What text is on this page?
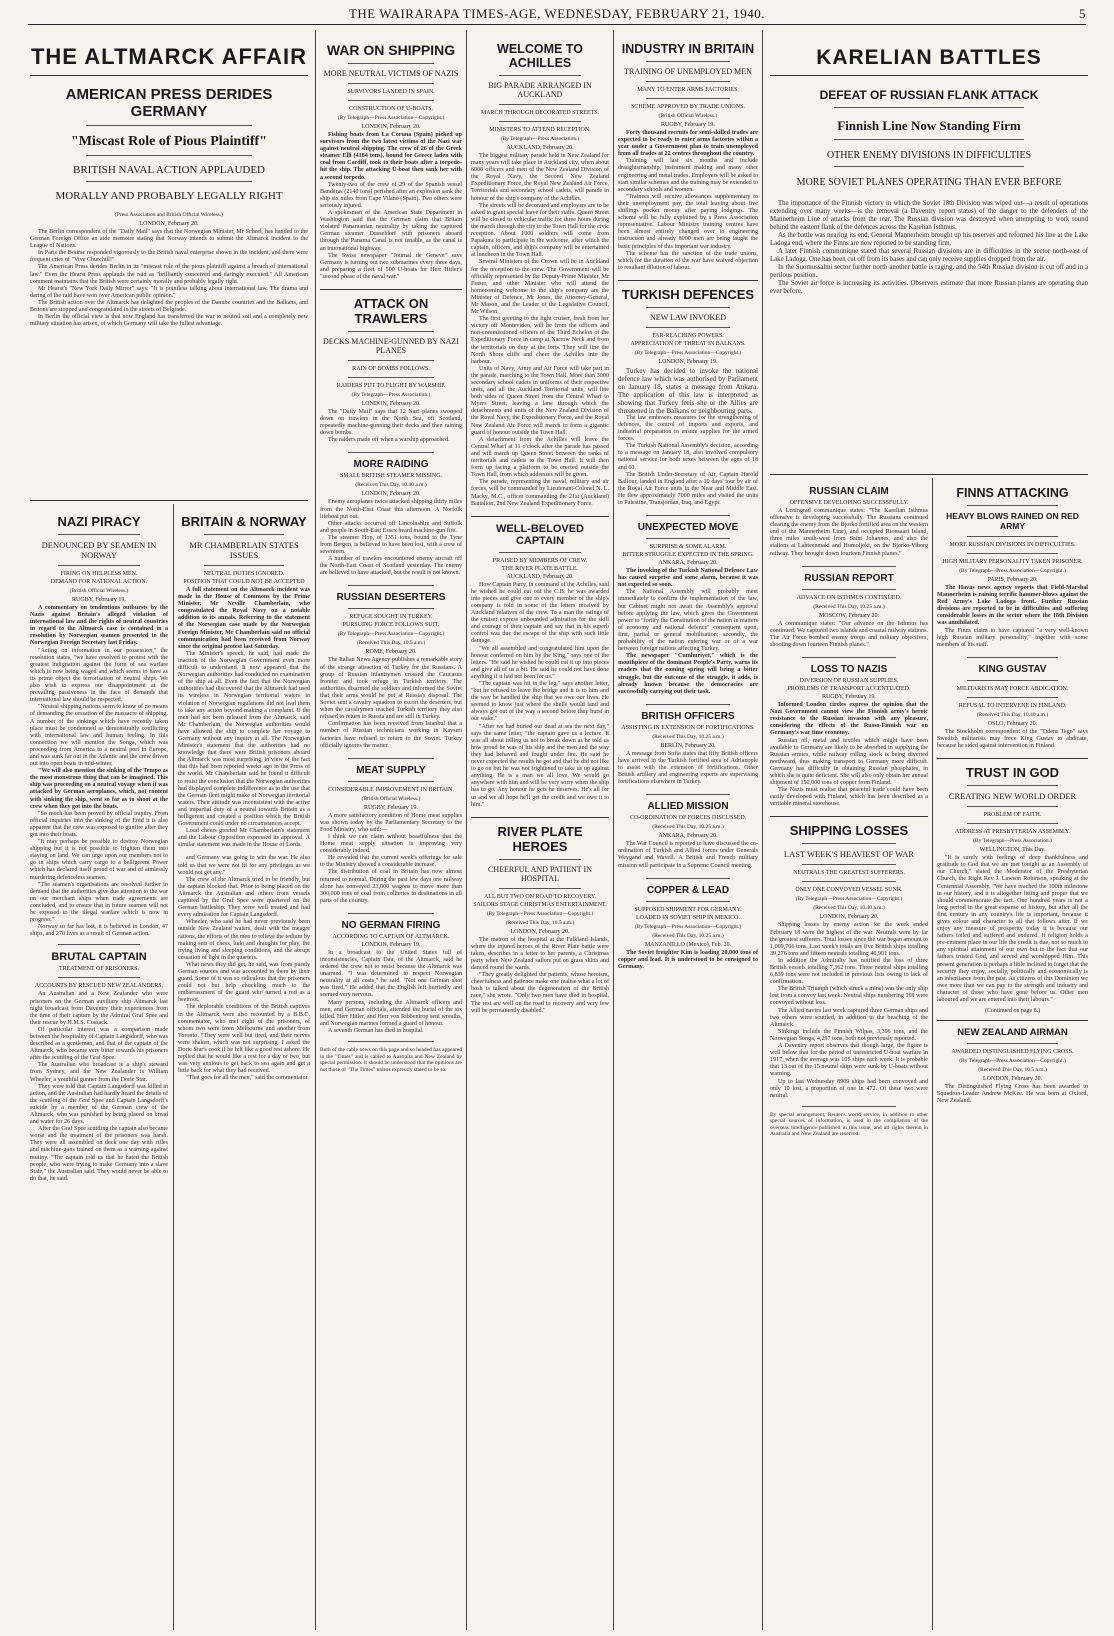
THE WAIRARAPA TIMES-AGE, WEDNESDAY, FEBRUARY 21, 1940.	5
THE ALTMARCK AFFAIR
AMERICAN PRESS DERIDES GERMANY
"Miscast Role of Pious Plaintiff"
BRITISH NAVAL ACTION APPLAUDED
MORALLY AND PROBABLY LEGALLY RIGHT
(Press Association and British Official Wireless.)
LONDON, February 20.

The Berlin correspondent of the "Daily Mail" says that the Norwegian Minister, Mr Scheel, has handed to the German Foreign Office an aide memoire stating that Norway intends to submit the Altmarck incident to the League of Nations.

In Paris the Bourse responded vigorously to the British naval enterprise shown in the incident, and there were frequent cries of "Vive Churchill!"

The American Press derides Berlin in its "miscast role of the pious plaintiff against a breach of international law." Even the Hearst Press applauds the raid as "brilliantly conceived and daringly executed." All American comment maintains that the British were certainly morally and probably legally right.

Mr Hearst's "New York Daily Mirror" says: "It is pointless talking about international law. The drama and daring of the raid have won over American public opinion."

The British action over the Altmarck has delighted the peoples of the Danube countries and the Balkans, and Britons are stopped and congratulated in the streets of Belgrade.

In Berlin the official view is that now England has transferred the war to neutral soil and a completely new military situation has arisen, of which Germany will take the fullest advantage.

NAZI PIRACY
DENOUNCED BY SEAMEN IN NORWAY
FIRING ON HELPLESS MEN.
DEMAND FOR NATIONAL ACTION.
(British Official Wireless.)
RUGBY, February 19.

A commentary on tendentious outbursts by the Nazis against Britain's alleged violation of international law and the rights of neutral countries in regard to the Altmarck case is contained in a resolution by Norwegian seamen presented to the Norwegian Foreign Secretary last Friday.

"Acting on information in our possession," the resolution states, "we have resolved to protest with the greatest indignation against the form of sea warfare which is now being waged and which seems to have as its prime object the terrorisation of neutral ships. We also wish to express our disappointment at the prevailing passiveness in the face of demands that international law should be respected.

"Neutral shipping nations seem to know of no means of demanding the cessation of the massacre of shipping. A number of the sinkings which have recently taken place must be condemned as demonstrably conflicting with international law and human feeling. In this connection we will mention the Songa, which was proceeding from America to a neutral port in Europe, and was sunk far out in the Atlantic and the crew driven out into open boats in mid-winter.

"We will also mention the sinking of the Tempo as the most monstrous thing that can be imagined. This ship was proceeding on a neutral voyage when it was attacked by German aeroplanes, which, not content with sinking the ship, went so far as to shoot at the crew when they got into the boats.

"So much has been proved by official inquiry. From official inquiries into the sinking of the Enid it is also apparent that the crew was exposed to gunfire after they got into their boats.

"It may perhaps be possible to destroy Norwegian shipping but it is not possible to frighten them into staying on land. We can urge upon our members not to go in ships which carry cargo to a belligerent Power which has declared itself proud of war and of aimlessly murdering defenceless seamen.

"The seamen's organisations are resolved further to demand that the authorities give due attention to the war on our merchant ships when trade agreements are concluded, and to ensure that in future seamen will not be exposed to the illegal warfare which is now in progress."

Norway so far has lost, it is believed in London, 47 ships, and 270 lives as a result of German action.

BRUTAL CAPTAIN
TREATMENT OF PRISONERS.
ACCOUNTS BY RESCUED NEW ZEALANDERS.

An Australian and a New Zealander who were prisoners on the German auxiliary ship Altmarck last night broadcast from Daventry their experiences from the time of their capture by the Admiral Graf Spee and their rescue by H.M.S. Cossack.

Of particular interest was a comparison made between the hospitality of Captain Langsdorff, who was described as a gentleman, and that of the captain of the Altmarck, who became very bitter towards his prisoners after the scuttling of the Graf Spee.

The Australian who broadcast is a ship's steward from Sydney, and the New Zealander is William Wheeler, a youthful gunner from the Doric Star.

They were told that Captain Langsdorff was killed in action, and the Australian had hardly heard the details of the scuttling of the Graf Spee and Captain Langsdorff's suicide by a member of the German crew of the Altmarck, who was punished by being placed on bread and water for 26 days.

After the Graf Spee scuttling the captain also became worse and the treatment of the prisoners was harsh. They were all assembled on deck one day with rifles and machine-guns trained on them as a warning against mutiny. "The captain told us that he hated the British people, who were trying to make Germany into a slave State," the Australian said. They would never be able to do that, he said.

BRITAIN & NORWAY
MR CHAMBERLAIN STATES ISSUES
NEUTRAL DUTIES IGNORED.
POSITION THAT COULD NOT BE ACCEPTED

A full statement on the Altmarck incident was made in the House of Commons by the Prime Minister, Mr Neville Chamberlain, who congratulated the Royal Navy on a notable addition to its annals. Referring to the statement of the Norwegian case made by the Norwegian Foreign Minister, Mr Chamberlain said no official communication had been received from Norway since the original protest last Saturday.

The Minister's speech, he said, had made the inaction of the Norwegian Government even more difficult to understand. It now appeared that the Norwegian authorities had conducted no examination of the ship at all. Even the fact that the Norwegian authorities had discovered that the Altmarck had used its wireless in Norwegian territorial waters in violation of Norwegian regulations did not lead them to take any action beyond making a complaint. If the men had not been released from the Altmarck, said Mr Chamberlain, the Norwegian authorities would have allowed the ship to complete her voyage to Germany without any inquiry at all. The Norwegian Minister's statement that the authorities had no knowledge that there were British prisoners aboard the Altmarck was most surprising, in view of the fact that this had been reported weeks ago in the Press of the world. Mr Chamberlain said he found it difficult to resist the conclusion that the Norwegian authorities had displayed complete indifference as to the use that the German fleet might make of Norwegian territorial waters. Their attitude was inconsistent with the active and impartial duty of a neutral towards Britain as a belligerent and created a position which the British Government could under no circumstances accept.

Loud cheers greeted Mr Chamberlain's statement and the Labour Opposition expressed its approval. A similar statement was made in the House of Lords.

and Germany was going to win the war. He also told us that we were not fit for any privileges as we would not get any."

The crew of the Altmarck tried to be friendly, but the captain blocked that. Prior to being placed on the Altmarck the Australian and others from vessels captured by the Graf Spee were quartered on the German battleship. They were well treated and had every admiration for Captain Langsdorff.

Wheeler, who said he had never previously been outside New Zealand waters, dealt with the meagre rations, the efforts of the men to relieve the tedium by making sets of chess, ludo and draughts for play, the trying living and sleeping conditions, and the abrupt cessation of light in the quarters.

What news they did get, he said, was from purely German sources and was accounted to them by their guard. Some of it was so ridiculous that the prisoners could not but help chuckling much to the embarrassment of the guard who turned a red as a beetroot.

The deplorable conditions of the British captives in the Altmarck were also recounted by a B.B.C. commentator, who met eight of the prisoners, of whom two were from Melbourne and another from Toronto. "They were well but tired, and their nerves were shaken, which was not surprising. I asked the Doric Star's cook if he felt like a good rest ashore. He replied that he would like a rest for a day or two, but was very anxious to get back to sea again and get a little back for what they had received.

"That goes for all the men," said the commentator.

WAR ON SHIPPING
MORE NEUTRAL VICTIMS OF NAZIS
SURVIVORS LANDED IN SPAIN.
CONSTRUCTION OF U-BOATS.
(By Telegraph—Press Association—Copyright.)
LONDON, February 20.

Fishing boats from La Coruna (Spain) picked up survivors from the two latest victims of the Nazi war against neutral shipping. The crew of 26 of the Greek steamer Elli (4184 tons), bound for Greece laden with coal from Cardiff, took to their boats after a torpedo-hit the ship. The attacking U-boat then sank her with a second torpedo.

Twenty-two of the crew of 29 of the Spanish vessel Banderas (2140 tons) perished after an explosion sank the ship six miles from Cape Vilano (Spain). Two others were seriously injured.

A spokesman of the American State Department in Washington said that the German claim that Britain violated Panamanian neutrality by taking the captured German steamer Dusseldorf with prisoners aboard through the Panama Canal is not tenable, as the canal is an international highway.

The Swiss newspaper "Journal de Geneve" says Germany is turning out two submarines every three days, and preparing a fleet of 500 U-boats for Herr Hitler's "second phase of the naval war."

ATTACK ON TRAWLERS
DECKS MACHINE-GUNNED BY NAZI PLANES
RAIN OF BOMBS FOLLOWS.
RAIDERS PUT TO FLIGHT BY WARSHIP.
(By Telegraph—Press Association.)
LONDON, February 20.

The "Daily Mail" says that 12 Nazi planes swooped down on trawlers in the North Sea, off Scotland, repeatedly machine-gunning their decks and then raining down bombs.

The raiders made off when a warship approached.

MORE RAIDING
SMALL BRITISH STEAMER MISSING.
(Received This Day, 10.40 a.m.)
LONDON, February 20.

Enemy aeroplanes twice attacked shipping thirty miles from the North-East Coast this afternoon. A Norfolk lifeboat put out.

Other attacks occurred off Lincolnshire and Suffolk and people in South-East Essex heard machine-gun fire.

The steamer Hop, of 1351 tons, bound to the Tyne from Bergen, is believed to have been lost, with a crew of seventeen.

A number of trawlers encountered enemy aircraft off the North-East Coast of Scotland yesterday. The enemy are believed to have attacked, but the result is not known.

RUSSIAN DESERTERS
REFUGE SOUGHT IN TURKEY.
PURSUING FORCE FOLLOWS SUIT.
(By Telegraph—Press Association—Copyright.)
(Received This Day, 10.5 a.m.)
ROME, February 20.

The Italian News Agency publishes a remarkable story of the strange attraction of Turkey for the Russians. A group of Russian infantrymen crossed the Caucasus frontier and took refuge in Turkish territory. The authorities disarmed the soldiers and informed the Soviet that their arms would be put at Russia's disposal. The Soviet sent a cavalry squadron to escort the deserters, but when the cavalrymen reached Turkish territory they also refused to return to Russia and are still in Turkey.

Confirmation has been received from Istanbul that a number of Russian technicians working in Kayseri factories have refused to return to the Soviet. Turkey officially ignores the matter.

MEAT SUPPLY
CONSIDERABLE IMPROVEMENT IN BRITAIN.
(British Official Wireless.)
RUGBY, February 19.

A more satisfactory condition of Home meat supplies was shown today by the Parliamentary Secretary to the Food Ministry, who said:—

I think we can claim without boastfulness that the Home meat supply situation is improving very considerably indeed.

He revealed that the current week's offerings for sale to the Ministry showed a considerable increase.

The distribution of coal in Britain has now almost returned to normal. During the past few days one railway alone has conveyed 23,000 wagons to move more than 300,000 tons of coal from collieries to destinations in all parts of the country.

NO GERMAN FIRING
ACCORDING TO CAPTAIN OF ALTMARCK.
LONDON, February 19.

In a broadcast to the United States full of inconsistencies, Captain Dau, of the Altmarck, said he ordered the crew not to resist because the Altmarck was unarmed. "I was determined to respect Norwegian neutrality at all costs," he said. "Not one German shot was fired." He added that the English left hurriedly and seemed very nervous.

Many persons, including the Altmarck officers and men, and German officials, attended the burial of the six killed. Herr Hitler, and Herr von Ribbentrop sent wreaths, and Norwegian marines formed a guard of honour.

A seventh German has died in hospital.

Both of the cable news on this page and so headed has appeared in the "Times" and is cabled to Australia and New Zealand by special permission. It should be understood that the opinions are not those of "The Times" unless expressly stated to be so.

WELCOME TO ACHILLES
BIG PARADE ARRANGED IN AUCKLAND
MARCH THROUGH DECORATED STREETS.
MINISTERS TO ATTEND RECEPTION.
(By Telegraph—Press Association.)
AUCKLAND, February 20.

The biggest military parade held in New Zealand for many years will take place in Auckland city, when about 6000 officers and men of the New Zealand Division of the Royal Navy, the Second New Zealand Expeditionary Force, the Royal New Zealand Air Force, Territorials and secondary school cadets, will parade in honour of the ship's company of the Achilles.

The streets will be decorated and employers are to be asked to grant special leave for their staffs. Queen Street will be closed to vehicular traffic for three hours during the march through the city to the Town Hall for the civic reception. About 1000 soldiers will come from Papakura to participate in the welcome, after which the captain, officers, and ship's company will be entertained at luncheon in the Town Hall.

Several Ministers of the Crown will be in Auckland for the reception to the crew. The Government will be officially represented by the Deputy-Prime Minister, Mr Fraser, and other Minister who will attend the homecoming welcome to the ship's company are the Minister of Defence, Mr Jones, the Attorney-General, Mr Mason, and the Leader of the Legislative Council, Mr Wilson.

The first greeting to the light cruiser, fresh from her victory off Montevideo, will be from the officers and non-commissioned officers of the Third Echelon of the Expeditionary Force in camp at Narrow Neck and from the territorials on duty at the forts. They will line the North Shore cliffs and cheer the Achilles into the harbour.

Units of Navy, Army and Air Force will take part in the parade, marching to the Town Hall. More than 3000 secondary school cadets in uniforms of their respective units, and all the Auckland Territorial units, will line both sides of Queen Street from the Central Wharf to Myers Street, leaving a lane through which the detachments and units of the New Zealand Division of the Royal Navy, the Expeditionary Force, and the Royal New Zealand Air Force will march to form a gigantic guard of honour outside the Town Hall.

A detachment from the Achilles will leave the Central Wharf at 11 o'clock after the parade has passed and will march up Queen Street between the ranks of territorials and cadets to the Town Hall. It will then form up facing a platform to be erected outside the Town Hall, from which addresses will be given.

The parade, representing the naval, military and air forces, will be commanded by Lieutenant-Colonel N. L. Macky, M.C., officer commanding the 21st (Auckland) Battalion, 2nd New Zealand Expeditionary Force.

WELL-BELOVED CAPTAIN
PRAISED BY MEMBERS OF CREW.
THE RIVER PLATE BATTLE.
AUCKLAND, February 20.

How Captain Parry, in command of the Achilles, said he wished he could cut out the C.B. he was awarded into pieces and give one to every member of the ship's company is told in some of the letters received by Auckland relatives of the crew. To a man the ratings of the cruiser express unbounded admiration for the skill and courage of their captain and say that in his superb control was due the escape of the ship with such little damage.

"We all assembled and congratulated him upon the honour conferred on him by the King," says one of the letters. "He said he wished he could cut it up into pieces and give all of us a bit. He said he could not have done anything if it had not been for us."

"The captain was hit in the leg," says another letter, "but he refused to leave the bridge and it is to him and the way he handled the ship that we owe our lives. He seemed to know just where the shells would land and always got out of the way a second before they burst in our wake."

"After we had buried our dead at sea the next day," says the same letter, "the captain gave us a lecture. It was all about telling us not to break down as he told us how proud he was of his ship and the men and the way they had behaved and fought under fire. He said he never expected the results he got and that he did not like to go on but he was not frightened to take us up against anything. He is a man we all love. We would go anywhere with him and will be very sorry when the ship has to go. Any honour he gets he deserves. He's all for us and we all hope he'll get the credit and we owe it to him."

RIVER PLATE HEROES
CHEERFUL AND PATIENT IN HOSPITAL
ALL BUT TWO ON ROAD TO RECOVERY.
SAILORS STAGE CHRISTMAS ENTERTAINMENT.
(By Telegraph—Press Association—Copyright.)
(Received This Day, 10.5 a.m.)
LONDON, February 20.

The matron of the hospital at the Falkland Islands, where the injured heroes of the River Plate battle were taken, describes in a letter to her parents, a Christmas party when New Zealand sailors put on grass skirts and danced round the wards.

"They greatly delighted the patients, whose heroism, cheerfulness and patience make one realise what a lot of bosh is talked about the degeneration of the British race," she wrote. "Only two men have died in hospital. The rest are well on the road to recovery and very few will be permanently disabled."

INDUSTRY IN BRITAIN
TRAINING OF UNEMPLOYED MEN
MANY TO ENTER ARMS FACTORIES.
SCHEME APPROVED BY TRADE UNIONS.
(British Official Wireless.)
RUGBY, February 19.

Forty thousand recruits for semi-skilled trades are expected to be ready to enter arms factories within a year under a Government plan to train unemployed from all trades at 22 centres throughout the country.

Training will last six months and include draughtsmanship, instrument making and many other engineering and metal trades. Employers will be asked to start similar schemes and the training may be extended to secondary schools and women.

"Trainees will receive allowances supplementary to their unemployment pay, the total leaving about five shillings pocket money after paying lodgings. The scheme will be fully explained by a Press Association representative. Labour Ministry training centres have been almost entirely changed over to engineering instruction and already 8000 men are being taught the basic principles of this important war industry.

The scheme has the sanction of the trade unions, which for the duration of the war have waived objection to resultant dilution of labour.

TURKISH DEFENCES
NEW LAW INVOKED
FAR-REACHING POWERS.
APPRECIATION OF THREAT IN BALKANS.
(By Telegraph—Press Association—Copyright.)
LONDON, February 19.

Turkey has decided to invoke the national defence law which was authorised by Parliament on January 18, states a message from Ankara. The application of this law is interpreted as showing that Turkey feels she or the Allies are threatened in the Balkans or neighbouring parts.

The law embraces measures for the strengthening of defences, the control of imports and exports, and industrial preparation to ensure supplies for the armed forces.

The Turkish National Assembly's decision, according to a message on January 18, also involved compulsory national service for both sexes between the ages of 18 and 60.

The British Under-Secretary of Air, Captain Harold Balfour, landed in England after a 10 days' tour by air of the Royal Air Force units in the Near and Middle East. He flew approximately 7000 miles and visited the units in Palestine, Transjordan, Iraq, and Egypt.

UNEXPECTED MOVE
SURPRISE & SOME ALARM.
BITTER STRUGGLE EXPECTED IN THE SPRING.
ANKARA, February 20.

The invoking of the Turkish National Defence Law has caused surprise and some alarm, because it was not expected so soon.

The National Assembly will probably meet immediately to confirm the implementation of the law, but Cabinet might not await the Assembly's approval before applying the law, which gives the Government power to "fortify the Constitution of the nation in matters of economy and national defence" consequent upon, first, partial or general mobilisation; secondly, the probability of the nation entering war or of a war between foreign nations affecting Turkey.

The newspaper "Cumhuriyet," which is the mouthpiece of the dominant People's Party, warns its readers that the coming spring will bring a bitter struggle, but the outcome of the struggle, it adds, is already known because the democracies are successfully carrying out their task.

BRITISH OFFICERS
ASSISTING IN EXTENSION OF FORTIFICATIONS.
(Received This Day, 10.25 a.m.)
BERLIN, February 20.

A message from Sofia states that fifty British officers have arrived in the Turkish fortified area of Adrianople to assist with the extension of fortifications. Other British artillery and engineering experts are supervising fortifications elsewhere in Turkey.

ALLIED MISSION
CO-ORDINATION OF FORCES DISCUSSED.
(Received This Day, 10.25 a.m.)
ANKARA, February 20.

The War Council is reported to have discussed the co-ordination of Turkish and Allied forces under Generals Weygand and Wavell. A British and French military mission will participate in a Supreme Council meeting.

COPPER & LEAD
SUPPOSED SHIPMENT FOR GERMANY.
LOADED IN SOVIET SHIP IN MEXICO.
(By Telegraph—Press Association—Copyright.)
(Received This Day, 10.25 a.m.)
MANZANILLO (Mexico), Feb. 20.

The Soviet freighter Kim is loading 20,000 tons of copper and lead. It is understood to be consigned to Germany.

KARELIAN BATTLES
DEFEAT OF RUSSIAN FLANK ATTACK
Finnish Line Now Standing Firm
OTHER ENEMY DIVISIONS IN DIFFICULTIES
MORE SOVIET PLANES OPERATING THAN EVER BEFORE

The importance of the Finnish victory in which the Soviet 18th Division was wiped out—a result of operations extending over many weeks—is the removal (a Daventry report states) of the danger to the defenders of the Mannerheim Line of attacks from the rear. The Russian division was destroyed when attempting to work round behind the eastern flank of the defences across the Karelian Isthmus.

As the battle was nearing its end, General Mannerheim brought up his reserves and reformed his line at the Lake Ladoga end, where the Finns are now reported to be standing firm.

A later Finnish communique stated that several Russian divisions are in difficulties in the sector north-east of Lake Ladoga. One has been cut off from its bases and can only receive supplies dropped from the air.

In the Suomussalmi sector further north another battle is raging, and the 54th Russian division is cut off and in a perilous position.

The Soviet air force is increasing its activities. Observers estimate that more Russian planes are operating than ever before.

RUSSIAN CLAIM
OFFENSIVE DEVELOPING SUCCESSFULLY.

A Leningrad communique states: "The Karelian Isthmus offensive is developing successfully. The Russians continued clearing the enemy from the Bjorko fortified area on the western end of the Mannerheim Line), and occupied Rionsaari Island, three miles south-west from Saint Johannes, and also the stations at Lahteenmaki and Humoljoki, on the Bjorko-Viborg railway. They brought down fourteen Finnish planes."

RUSSIAN REPORT
ADVANCE ON ISTHMUS CONTINUED.
(Received This Day, 10.25 a.m.)
MOSCOW, February 20.

A communique states: "Our advance on the Isthmus has continued. We captured two islands and coastal railway stations. The Air Force bombed enemy troops and military objectives, shooting down fourteen Finnish planes."

LOSS TO NAZIS
DIVERSION OF RUSSIAN SUPPLIES.
PROBLEMS OF TRANSPORT ACCENTUATED.
RUGBY, February 19.

Informed London circles express the opinion that the Nazi Government cannot view the Finnish army's heroic resistance to the Russian invasion with any pleasure, considering the effects of the Russo-Finnish war on Germany's war time economy.

Russian oil, metal and textiles which might have been available to Germany are likely to be absorbed in supplying the Russian armies, while railway rolling stock is being diverted northward, thus making transport to Germany more difficult. Germany has difficulty in obtaining Russian phosphates, in which she is quite deficient. She will also only obtain her annual shipment of 150,000 tons of copper from Finland.

The Nazis must realise that peaceful trade could have been easily developed with Finland, which has been described as a veritable mineral storehouse.

SHIPPING LOSSES
LAST WEEK'S HEAVIEST OF WAR
NEUTRALS THE GREATEST SUFFERERS.
ONLY ONE CONVOYED VESSEL SUNK.
(By Telegraph—Press Association—Copyright.)
(Received This Day, 10.40 a.m.)
LONDON, February 20.

Shipping losses by enemy action for the week ended February 18 were the highest of the war. Neutrals were by far the greatest sufferers. Total losses since the war began amount to 1,009,766 tons. Last week's totals are five British ships totalling 39,276 tons and fifteen neutrals totalling 46,901 tons.

In addition the Admiralty has notified the loss of three British vessels totalling 7,362 tons. Three neutral ships totalling 6,839 tons were not included in previous lists owing to lack of confirmation.

The British Triumph (which struck a mine) was the only ship lost from a convoy last week. Neutral ships numbering 169 were convoyed without loss.

The Allied navies last week captured three German ships and two others were scuttled, in addition to the beaching of the Altmarck.

Sinkings include the Finnish Wilpas, 3,396 tons, and the Norwegian Songa, 4,297 tons, both not previously reported.

A Daventry report observes that though large, the figure is well below that for the period of unrestricted U-boat warfare in 1917, when the average was 105 ships each week. It is probable that 13 out of the 15 neutral ships were sunk by U-boats without warning.

Up to last Wednesday 8909 ships had been convoyed and only 10 lost, a proportion of one in 472. Of these two were neutral.

By special arrangement, Reuter's world service, in addition to other special sources of information, is used in the compilation of the overseas intelligence published in this issue, and all rights therein in Australia and New Zealand are reserved.

FINNS ATTACKING
HEAVY BLOWS RAINED ON RED ARMY
MORE RUSSIAN DIVISIONS IN DIFFICULTIES.
HIGH MILITARY PERSONALITY TAKEN PRISONER.
(By Telegraph—Press Association—Copyright.)
PARIS, February 20.

The Havas news agency reports that Field-Marshal Mannerheim is raining terrific hammer-blows against the Red Army's Lake Ladoga front. Further Russian divisions are reported to be in difficulties and suffering considerable losses in the sector where the 18th Division was annihilated.

The Finns claim to have captured "a very well-known high Russian military personality," together with some members of his staff.

KING GUSTAV
MILITARISTS MAY FORCE ABDICATION.
REFUSAL TO INTERVENE IN FINLAND.
(Received This Day, 10.40 a.m.)
OSLO, February 20.

The Stockholm correspondent of the "Tidens Tegn" says Swedish militarists may force King Gustav to abdicate, because he sided against intervention in Finland.

TRUST IN GOD
CREATING NEW WORLD ORDER
PROBLEM OF FAITH.
ADDRESS AT PRESBYTERIAN ASSEMBLY.
(By Telegraph—Press Association.)
WELLINGTON, This Day.

"It is surely with feelings of deep thankfulness and gratitude to God that we are met tonight as an Assembly of our Church," stated the Moderator of the Presbyterian Church, the Right Rev J. Lawson Robinson, speaking at the Centennial Assembly. "We have reached the 100th milestone in our history, and it is altogether fitting and proper that we should commemorate the fact. One hundred years is not a long period in the great expanse of history, but after all the first century in any country's life is important, because it gives colour and character to all that follows after. If we enjoy any measure of prosperity today it is because our fathers toiled and suffered and endured. If religion holds a pre-eminent place in our life the credit is due, not so much to any spiritual attainment of our own but to the fact that our fathers trusted God, and served and worshipped Him. This present generation is perhaps a little inclined to forget that the security they enjoy, socially, politically and economically is an inheritance from the past. As citizens of this Dominion we owe more than we can pay to the strength and industry and character of those who have gone before us. Other men laboured and we are entered into their labours."

(Continued on page 8.)
NEW ZEALAND AIRMAN
AWARDED DISTINGUISHED FLYING CROSS.
(By Telegraph—Press Association—Copyright.)
(Received This Day, 10.5 a.m.)
LONDON, February 20.

The Distinguished Flying Cross has been awarded to Squadron-Leader Andrew McKee. He was born at Oxford, New Zealand.
